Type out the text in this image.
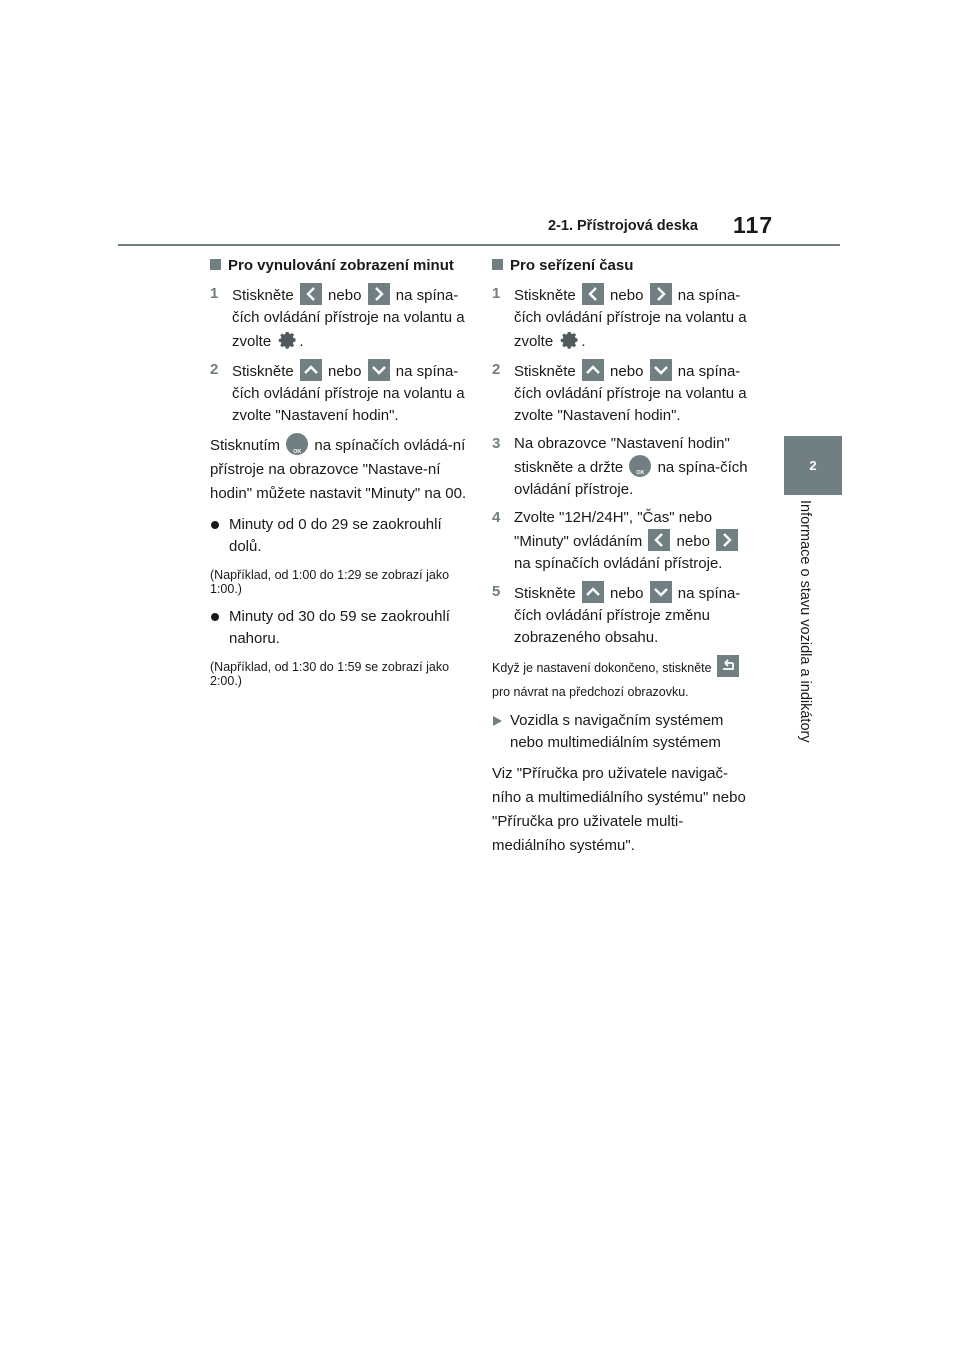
2-1. Přístrojová deska 117
2
Informace o stavu vozidla a indikátory
Pro vynulování zobrazení minut
1 Stiskněte nebo na spína-čích ovládání přístroje na volantu a zvolte .
2 Stiskněte nebo na spína-čích ovládání přístroje na volantu a zvolte "Nastavení hodin".
Stisknutím	OK na spínačích ovládá-ní přístroje na obrazovce "Nastave-ní hodin" můžete nastavit "Minuty" na 00.
Minuty od 0 do 29 se zaokrouhlí dolů.
(Například, od 1:00 do 1:29 se zobrazí jako 1:00.)
Minuty od 30 do 59 se zaokrouhlí nahoru.
(Například, od 1:30 do 1:59 se zobrazí jako 2:00.)
Pro seřízení času
1 Stiskněte nebo na spína-čích ovládání přístroje na volantu a zvolte .
2 Stiskněte nebo na spína-čích ovládání přístroje na volantu a zvolte "Nastavení hodin".
3 Na obrazovce "Nastavení hodin" stiskněte a držte	OK na spína-čích ovládání přístroje.
4 Zvolte "12H/24H", "Čas" nebo "Minuty" ovládáním nebo
na spínačích ovládání přístroje.
5 Stiskněte nebo na spína-čích ovládání přístroje změnu zobrazeného obsahu.
Když je nastavení dokončeno, stiskněte
pro návrat na předchozí obrazovku.
Vozidla s navigačním systémem nebo multimediálním systémem
Viz "Příručka pro uživatele navigač-ního a multimediálního systému" nebo "Příručka pro uživatele multi-mediálního systému".
